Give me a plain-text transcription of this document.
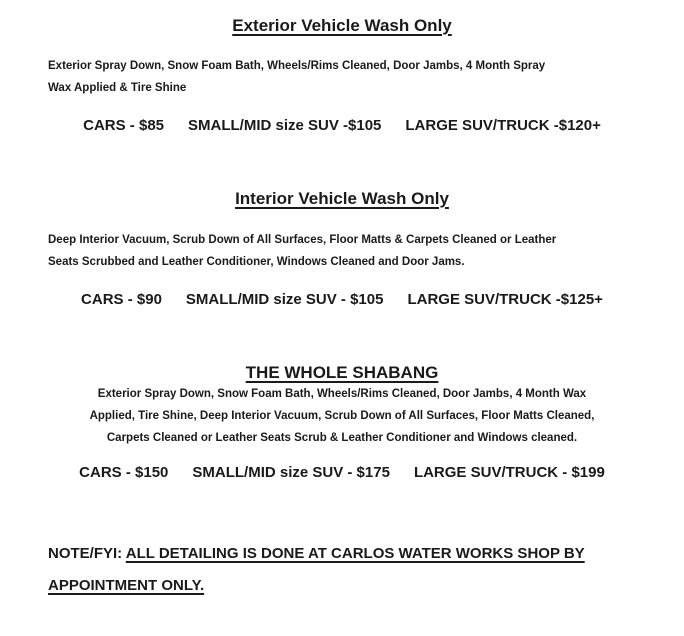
Exterior Vehicle Wash Only

Exterior Spray Down, Snow Foam Bath, Wheels/Rims Cleaned, Door Jambs, 4 Month Spray
Wax Applied & Tire Shine

CARS - $85 SMALL/MID size SUV -$105 LARGE SUV/TRUCK -$120+
Interior Vehicle Wash Only

Deep Interior Vacuum, Scrub Down of All Surfaces, Floor Matts & Carpets Cleaned or Leather
Seats Scrubbed and Leather Conditioner, Windows Cleaned and Door Jams.

CARS - $90 SMALL/MID size SUV - $105 LARGE SUV/TRUCK -$125+
THE WHOLE SHABANG

Exterior Spray Down, Snow Foam Bath, Wheels/Rims Cleaned, Door Jambs, 4 Month Wax
Applied, Tire Shine, Deep Interior Vacuum, Scrub Down of All Surfaces, Floor Matts Cleaned,
Carpets Cleaned or Leather Seats Scrub & Leather Conditioner and Windows cleaned.

CARS - $150 SMALL/MID size SUV - $175 LARGE SUV/TRUCK - $199

NOTE/FYI: ALL DETAILING IS DONE AT CARLOS WATER WORKS SHOP BY
APPOINTMENT ONLY.
